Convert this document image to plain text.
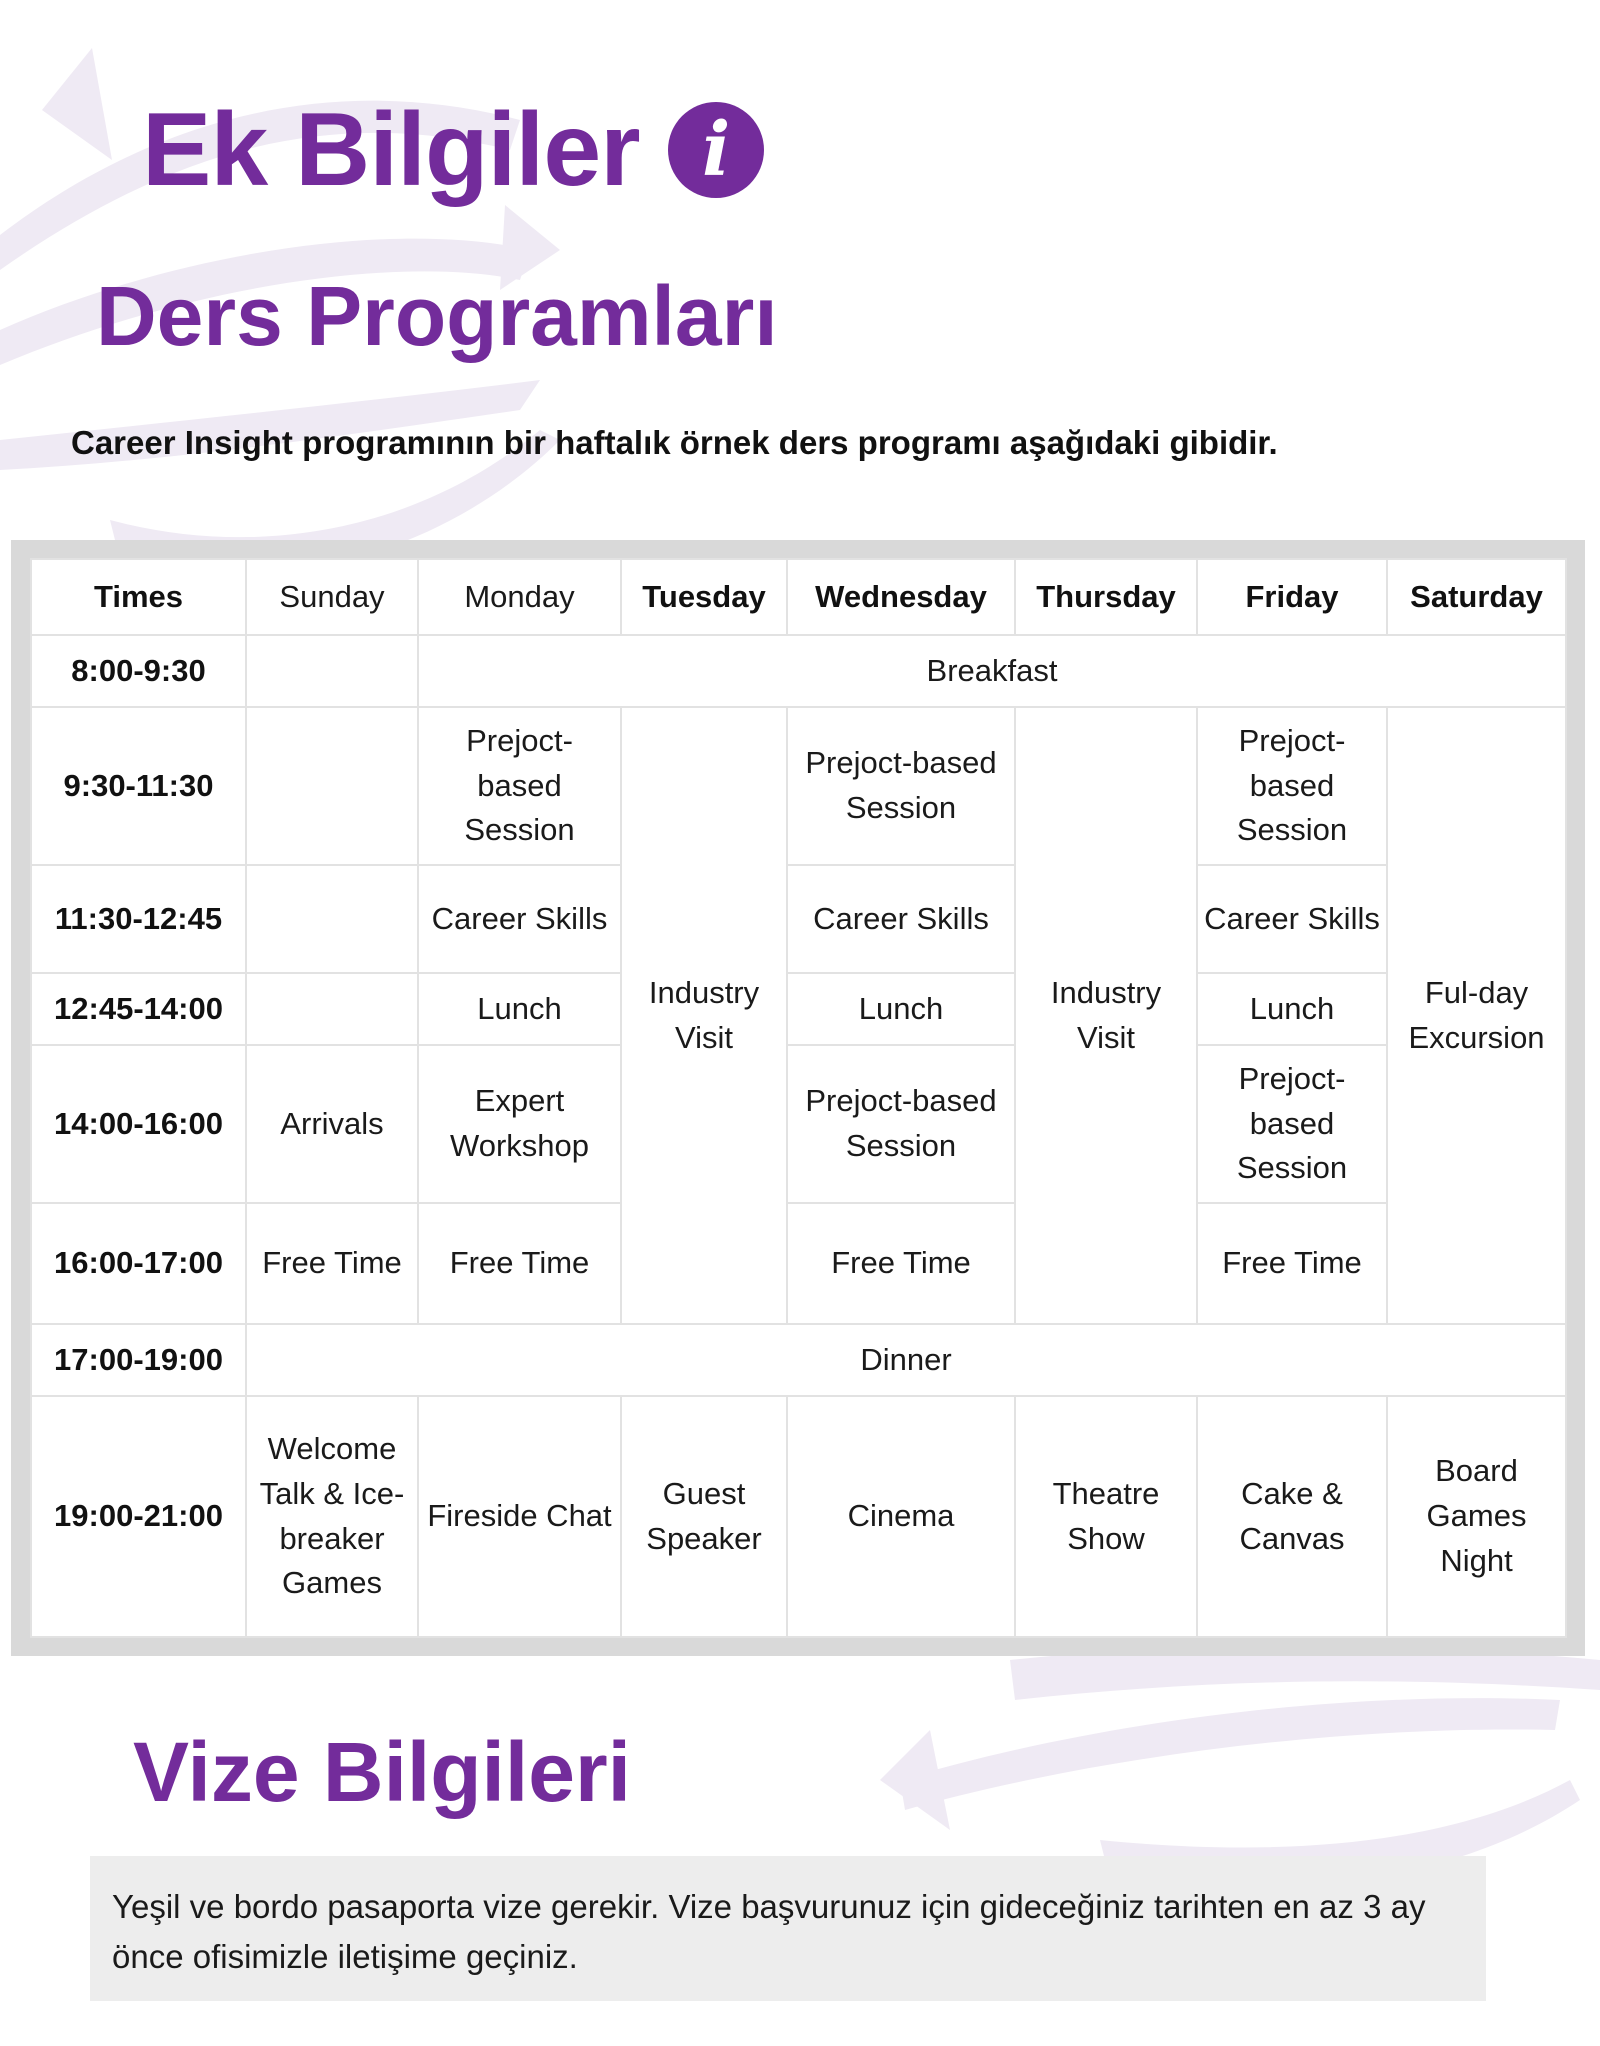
Ek Bilgiler i
Ders Programları

Career Insight programının bir haftalık örnek ders programı aşağıdaki gibidir.

Times	Sunday	Monday	Tuesday	Wednesday	Thursday	Friday	Saturday
8:00-9:30		Breakfast					
9:30-11:30		Prejoct-based Session	Industry Visit	Prejoct-based Session	Industry Visit	Prejoct-based Session	Ful-day Excursion
11:30-12:45		Career Skills		Career Skills		Career Skills	
12:45-14:00		Lunch		Lunch		Lunch	
14:00-16:00	Arrivals	Expert Workshop		Prejoct-based Session		Prejoct-based Session	
16:00-17:00	Free Time	Free Time		Free Time		Free Time	
17:00-19:00	Dinner						
19:00-21:00	Welcome Talk & Ice-breaker Games	Fireside Chat	Guest Speaker	Cinema	Theatre Show	Cake & Canvas	Board Games Night
Vize Bilgileri
Yeşil ve bordo pasaporta vize gerekir. Vize başvurunuz için gideceğiniz tarihten en az 3 ay önce ofisimizle iletişime geçiniz.
